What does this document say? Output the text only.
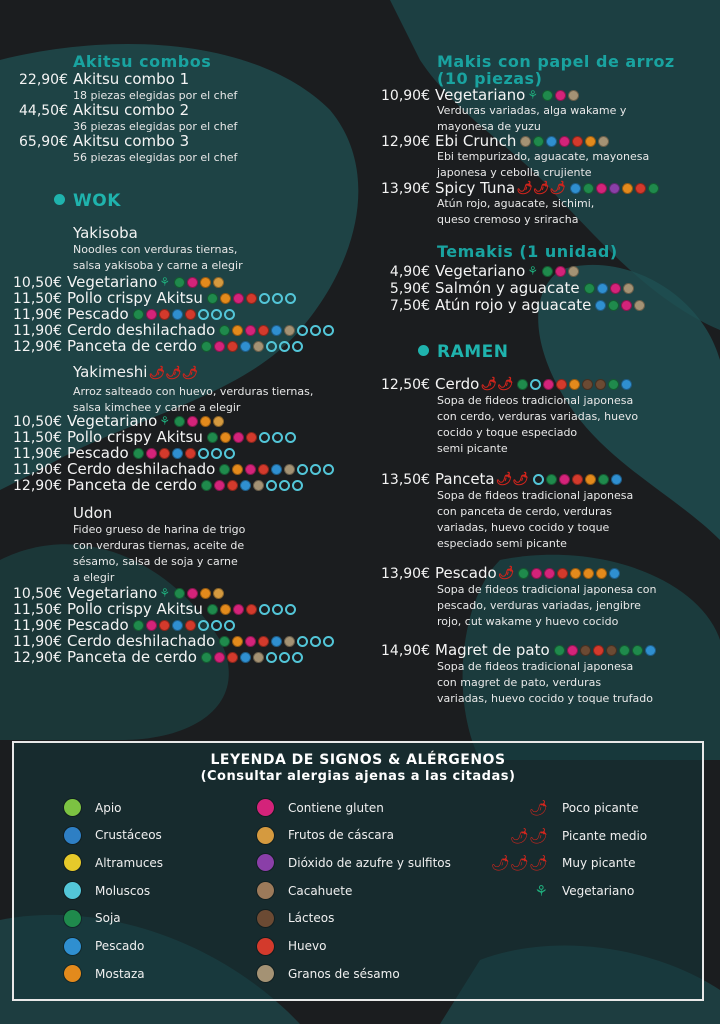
Akitsu combos
22,90€ Akitsu combo 1
18 piezas elegidas por el chef
44,50€ Akitsu combo 2
36 piezas elegidas por el chef
65,90€ Akitsu combo 3
56 piezas elegidas por el chef
WOK
Yakisoba
Noodles con verduras tiernas,
salsa yakisoba y carne a elegir
10,50€ Vegetariano ⚘
11,50€ Pollo crispy Akitsu
11,90€ Pescado
11,90€ Cerdo deshilachado
12,90€ Panceta de cerdo
Yakimeshi🌶🌶🌶
Arroz salteado con huevo, verduras tiernas,
salsa kimchee y carne a elegir
10,50€ Vegetariano ⚘
11,50€ Pollo crispy Akitsu
11,90€ Pescado
11,90€ Cerdo deshilachado
12,90€ Panceta de cerdo
Udon
Fideo grueso de harina de trigo
con verduras tiernas, aceite de
sésamo, salsa de soja y carne
a elegir
10,50€ Vegetariano ⚘
11,50€ Pollo crispy Akitsu
11,90€ Pescado
11,90€ Cerdo deshilachado
12,90€ Panceta de cerdo
Makis con papel de arroz
(10 piezas)
10,90€ Vegetariano ⚘
Verduras variadas, alga wakame y
mayonesa de yuzu
12,90€ Ebi Crunch
Ebi tempurizado, aguacate, mayonesa
japonesa y cebolla crujiente
13,90€ Spicy Tuna 🌶🌶🌶
Atún rojo, aguacate, sichimi,
queso cremoso y sriracha
Temakis (1 unidad)
4,90€ Vegetariano ⚘
5,90€ Salmón y aguacate
7,50€ Atún rojo y aguacate
RAMEN
12,50€ Cerdo 🌶🌶
Sopa de fideos tradicional japonesa
con cerdo, verduras variadas, huevo
cocido y toque especiado
semi picante
13,50€ Panceta 🌶🌶
Sopa de fideos tradicional japonesa
con panceta de cerdo, verduras
variadas, huevo cocido y toque
especiado semi picante
13,90€ Pescado 🌶
Sopa de fideos tradicional japonesa con
pescado, verduras variadas, jengibre
rojo, cut wakame y huevo cocido
14,90€ Magret de pato
Sopa de fideos tradicional japonesa
con magret de pato, verduras
variadas, huevo cocido y toque trufado
LEYENDA DE SIGNOS & ALÉRGENOS
(Consultar alergias ajenas a las citadas)
Apio
Crustáceos
Altramuces
Moluscos
Soja
Pescado
Mostaza
Contiene gluten
Frutos de cáscara
Dióxido de azufre y sulfitos
Cacahuete
Lácteos
Huevo
Granos de sésamo
🌶 Poco picante
🌶🌶 Picante medio
🌶🌶🌶 Muy picante
⚘ Vegetariano
